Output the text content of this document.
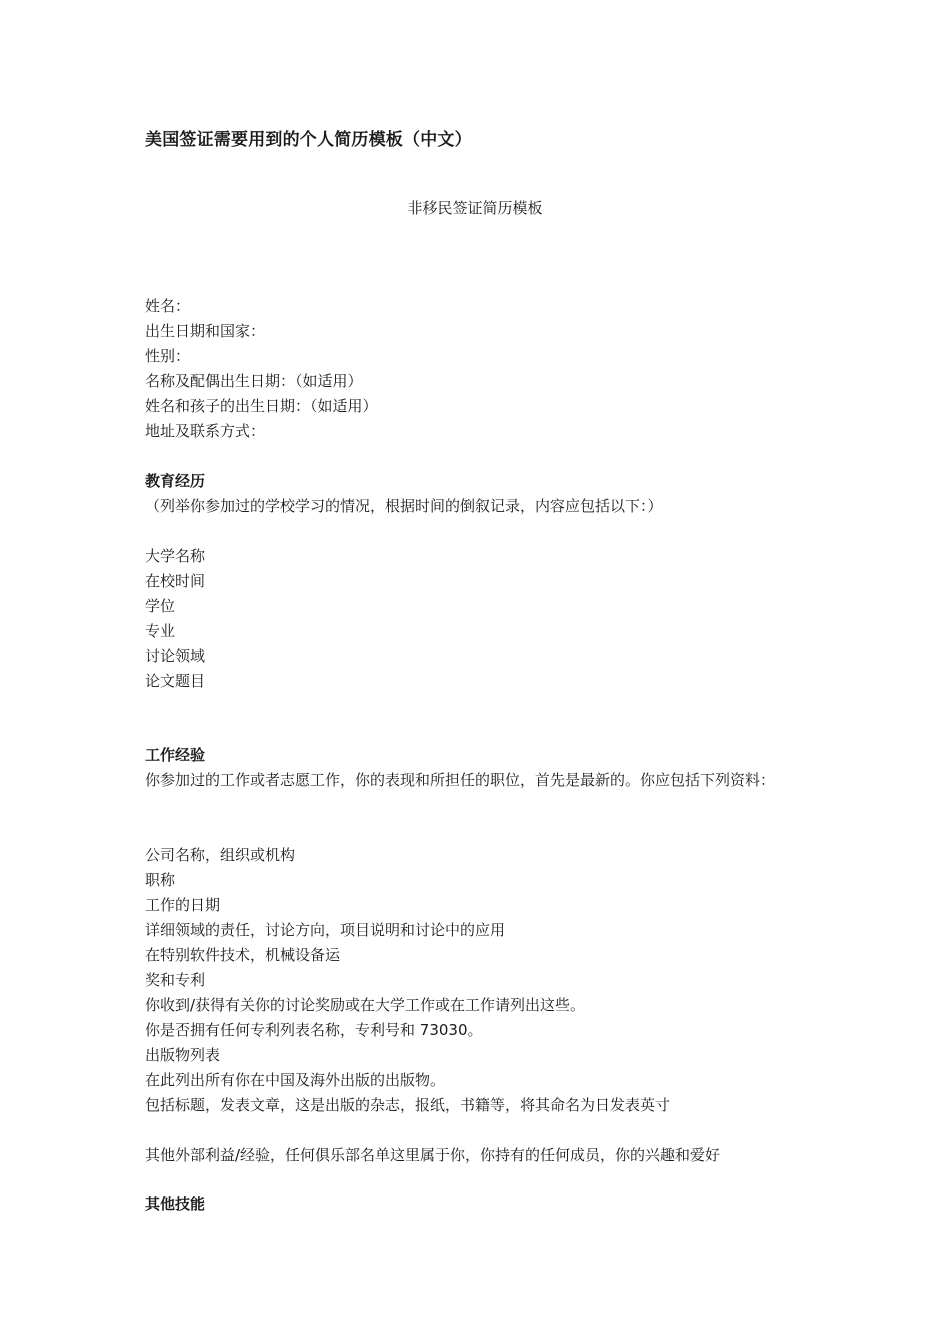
美国签证需要用到的个人简历模板（中文）
非移民签证简历模板
姓名：
出生日期和国家：
性别：
名称及配偶出生日期：（如适用）
姓名和孩子的出生日期：（如适用）
地址及联系方式：
教育经历
（列举你参加过的学校学习的情况，根据时间的倒叙记录，内容应包括以下：）
大学名称
在校时间
学位
专业
讨论领域
论文题目
工作经验
你参加过的工作或者志愿工作，你的表现和所担任的职位，首先是最新的。你应包括下列资料：
公司名称，组织或机构
职称
工作的日期
详细领域的责任，讨论方向，项目说明和讨论中的应用
在特别软件技术，机械设备运
奖和专利
你收到/获得有关你的讨论奖励或在大学工作或在工作请列出这些。
你是否拥有任何专利列表名称，专利号和 73030。
出版物列表
在此列出所有你在中国及海外出版的出版物。
包括标题，发表文章，这是出版的杂志，报纸，书籍等，将其命名为日发表英寸
其他外部利益/经验，任何俱乐部名单这里属于你，你持有的任何成员，你的兴趣和爱好
其他技能
